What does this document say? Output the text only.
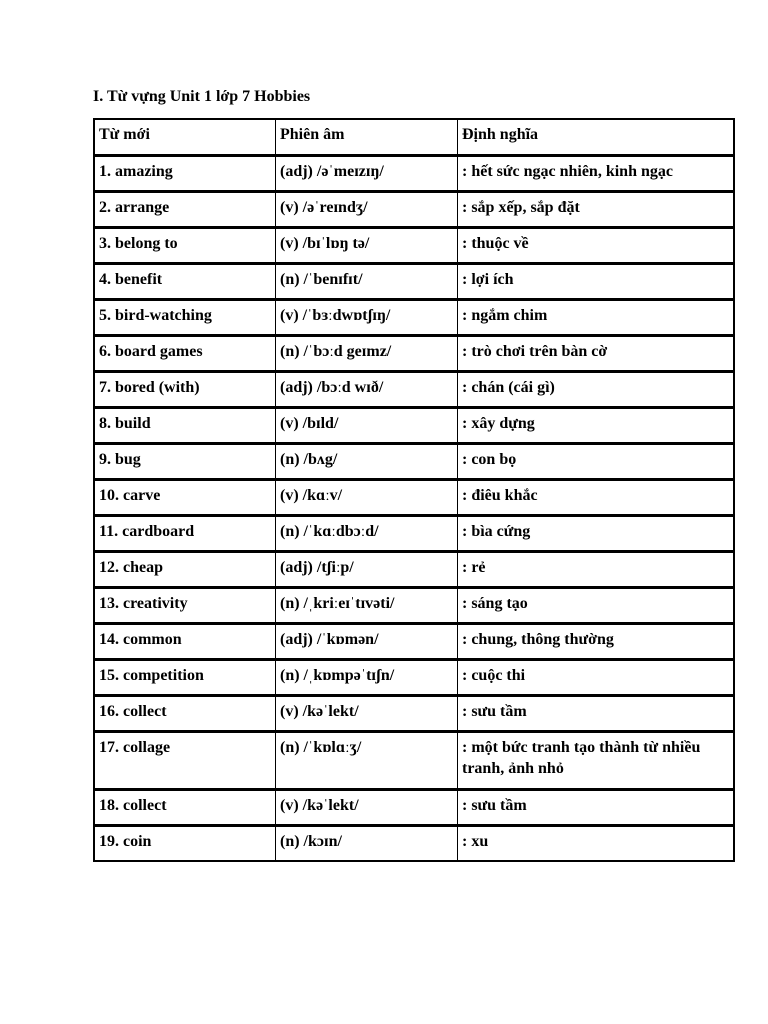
I. Từ vựng Unit 1 lớp 7 Hobbies
Từ mới	Phiên âm	Định nghĩa
1. amazing	(adj) /əˈmeɪzɪŋ/	: hết sức ngạc nhiên, kinh ngạc
2. arrange	(v) /əˈreɪndʒ/	: sắp xếp, sắp đặt
3. belong to	(v) /bɪˈlɒŋ tə/	: thuộc về
4. benefit	(n) /ˈbenɪfɪt/	: lợi ích
5. bird-watching	(v) /ˈbɜːdwɒtʃɪŋ/	: ngắm chim
6. board games	(n) /ˈbɔːd geɪmz/	: trò chơi trên bàn cờ
7. bored (with)	(adj) /bɔːd wɪð/	: chán (cái gì)
8. build	(v) /bɪld/	: xây dựng
9. bug	(n) /bʌg/	: con bọ
10. carve	(v) /kɑːv/	: điêu khắc
11. cardboard	(n) /ˈkɑːdbɔːd/	: bìa cứng
12. cheap	(adj) /tʃiːp/	: rẻ
13. creativity	(n) /ˌkriːeɪˈtɪvəti/	: sáng tạo
14. common	(adj) /ˈkɒmən/	: chung, thông thường
15. competition	(n) /ˌkɒmpəˈtɪʃn/	: cuộc thi
16. collect	(v) /kəˈlekt/	: sưu tầm
17. collage	(n) /ˈkɒlɑːʒ/	: một bức tranh tạo thành từ nhiều tranh, ảnh nhỏ
18. collect	(v) /kəˈlekt/	: sưu tầm
19. coin	(n) /kɔɪn/	: xu
